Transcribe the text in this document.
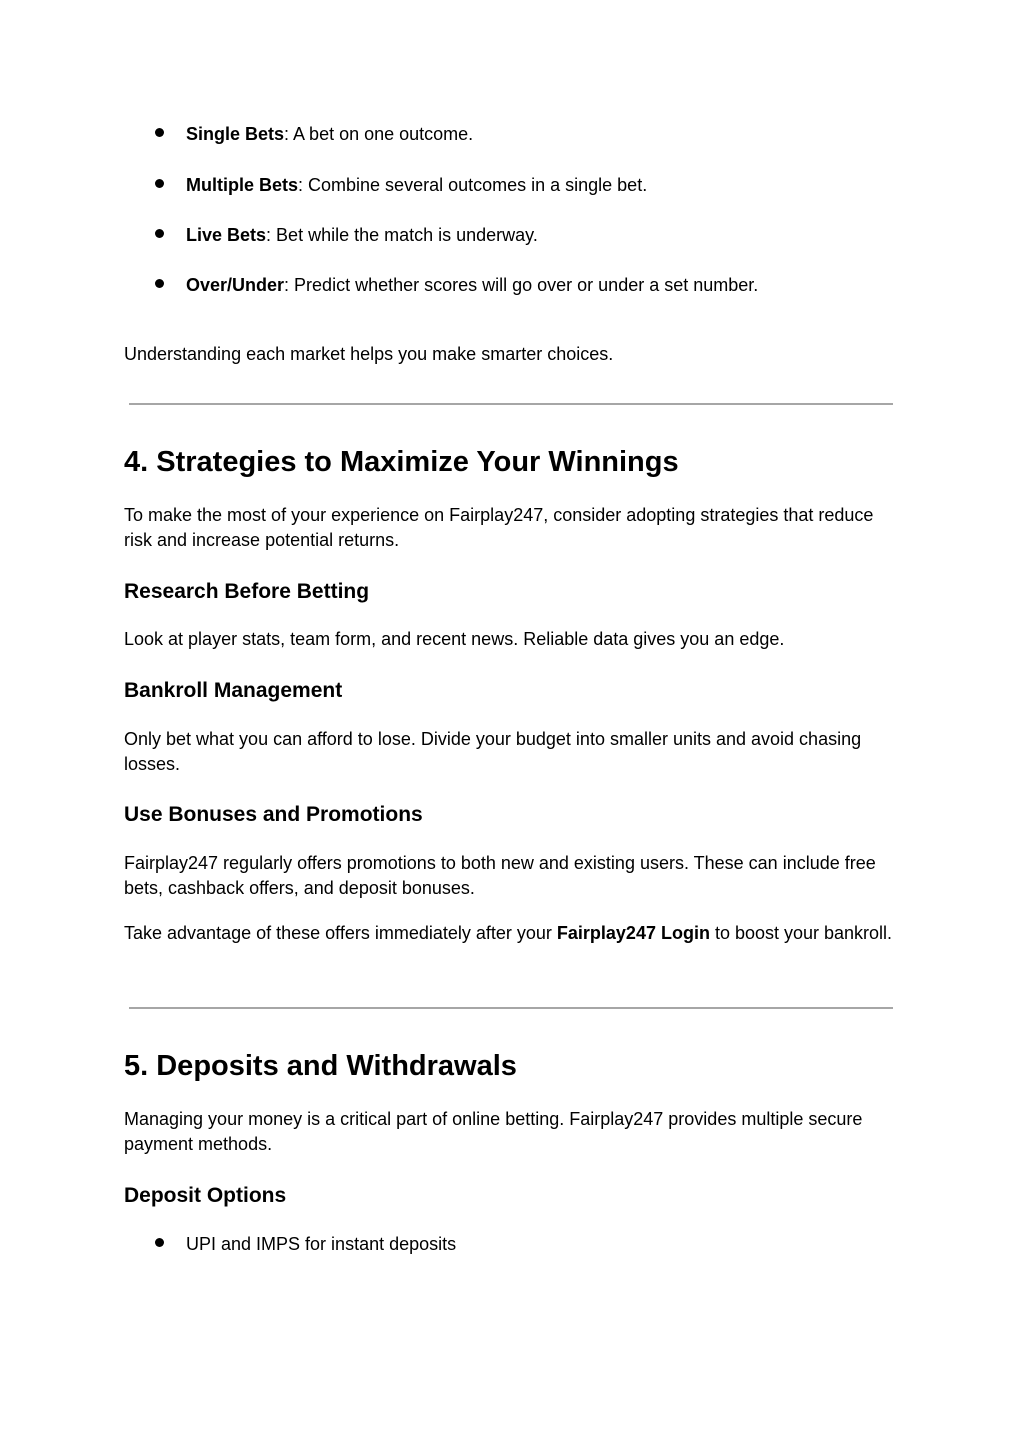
Single Bets: A bet on one outcome.
Multiple Bets: Combine several outcomes in a single bet.
Live Bets: Bet while the match is underway.
Over/Under: Predict whether scores will go over or under a set number.

Understanding each market helps you make smarter choices.

4. Strategies to Maximize Your Winnings

To make the most of your experience on Fairplay247, consider adopting strategies that reduce risk and increase potential returns.

Research Before Betting

Look at player stats, team form, and recent news. Reliable data gives you an edge.

Bankroll Management

Only bet what you can afford to lose. Divide your budget into smaller units and avoid chasing losses.

Use Bonuses and Promotions

Fairplay247 regularly offers promotions to both new and existing users. These can include free bets, cashback offers, and deposit bonuses.

Take advantage of these offers immediately after your Fairplay247 Login to boost your bankroll.

5. Deposits and Withdrawals

Managing your money is a critical part of online betting. Fairplay247 provides multiple secure payment methods.

Deposit Options
UPI and IMPS for instant deposits
